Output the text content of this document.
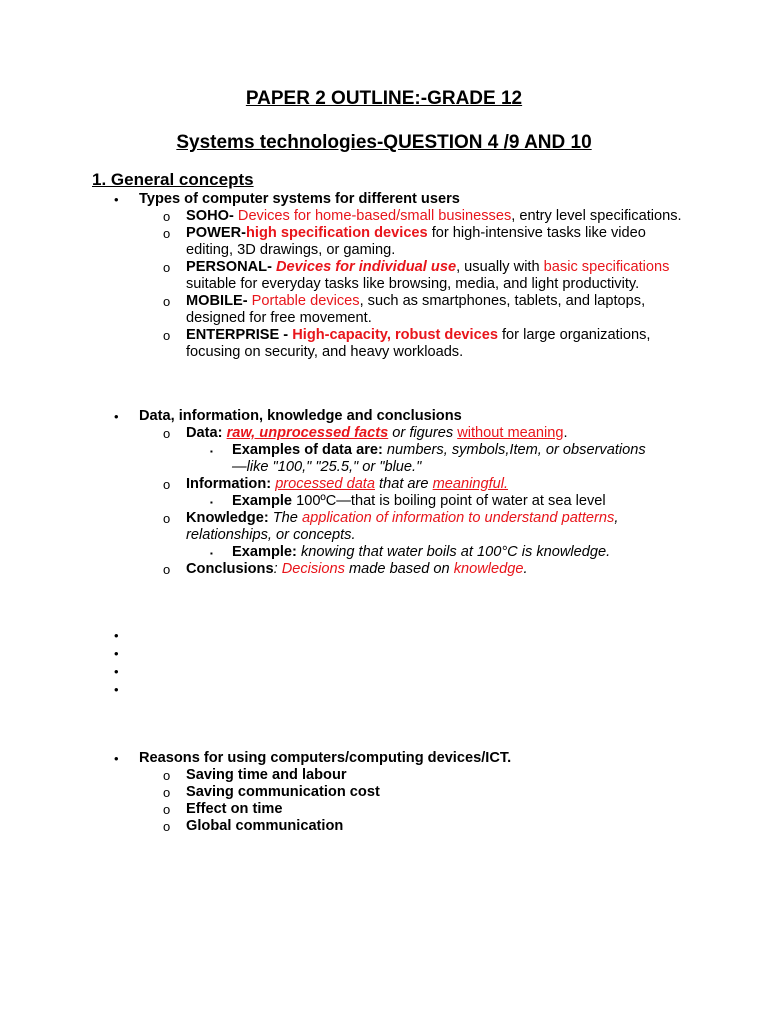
PAPER 2 OUTLINE:-GRADE 12
Systems technologies-QUESTION 4 /9 AND 10
1. General concepts
• Types of computer systems for different users
o SOHO- Devices for home-based/small businesses, entry level specifications.
o POWER-high specification devices for high-intensive tasks like video editing, 3D drawings, or gaming.
o PERSONAL- Devices for individual use, usually with basic specifications suitable for everyday tasks like browsing, media, and light productivity.
o MOBILE- Portable devices, such as smartphones, tablets, and laptops, designed for free movement.
o ENTERPRISE - High-capacity, robust devices for large organizations, focusing on security, and heavy workloads.
• Data, information, knowledge and conclusions
o Data: raw, unprocessed facts or figures without meaning.
▪ Examples of data are: numbers, symbols,Item, or observations—like "100," "25.5," or "blue."
o Information: processed data that are meaningful.
▪ Example 100ºC—that is boiling point of water at sea level
o Knowledge: The application of information to understand patterns, relationships, or concepts.
▪ Example: knowing that water boils at 100°C is knowledge.
o Conclusions: Decisions made based on knowledge.
•
•
•
•
• Reasons for using computers/computing devices/ICT.
o Saving time and labour
o Saving communication cost
o Effect on time
o Global communication
